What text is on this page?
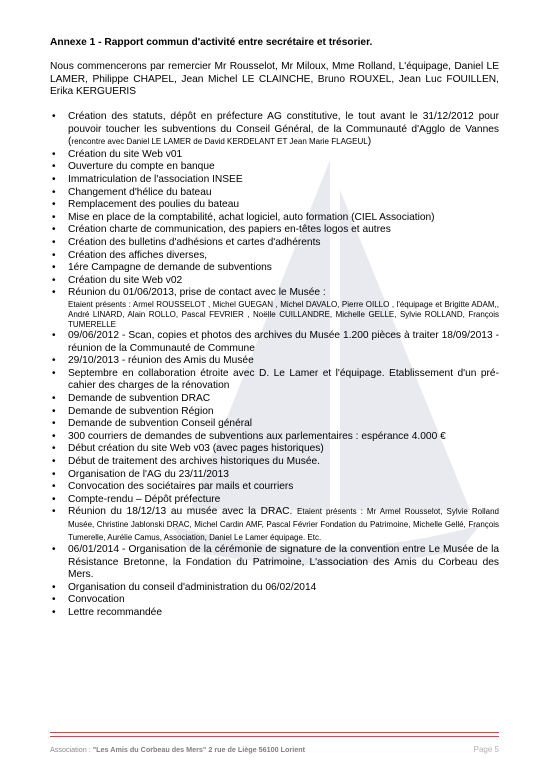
Annexe 1 - Rapport commun d'activité entre secrétaire et trésorier.

Nous commencerons par remercier Mr Rousselot, Mr Miloux, Mme Rolland, L'équipage, Daniel LE LAMER, Philippe CHAPEL, Jean Michel LE CLAINCHE, Bruno ROUXEL, Jean Luc FOUILLEN, Erika KERGUERIS

• Création des statuts, dépôt en préfecture AG constitutive, le tout avant le 31/12/2012 pour pouvoir toucher les subventions du Conseil Général, de la Communauté d'Agglo de Vannes (rencontre avec Daniel LE LAMER de David KERDELANT ET Jean Marie FLAGEUL)
• Création du site Web v01
• Ouverture du compte en banque
• Immatriculation de l'association INSEE
• Changement d'hélice du bateau
• Remplacement des poulies du bateau
• Mise en place de la comptabilité, achat logiciel, auto formation (CIEL Association)
• Création charte de communication, des papiers en-têtes logos et autres
• Création des bulletins d'adhésions et cartes d'adhérents
• Création des affiches diverses,
• 1ére Campagne de demande de subventions
• Création du site Web v02
• Réunion du 01/06/2013, prise de contact avec le Musée :
Etaient présents : Armel ROUSSELOT , Michel GUEGAN , Michel DAVALO, Pierre OILLO , l'équipage et Brigitte ADAM,, André LINARD, Alain ROLLO, Pascal FEVRIER , Noëlle CUILLANDRE, Michelle GELLE, Sylvie ROLLAND, François TUMERELLE
• 09/06/2012 - Scan, copies et photos des archives du Musée 1.200 pièces à traiter 18/09/2013 - réunion de la Communauté de Commune
• 29/10/2013 - réunion des Amis du Musée
• Septembre en collaboration étroite avec D. Le Lamer et l'équipage. Etablissement d'un pré-cahier des charges de la rénovation
• Demande de subvention DRAC
• Demande de subvention Région
• Demande de subvention Conseil général
• 300 courriers de demandes de subventions aux parlementaires : espérance 4.000 €
• Début création du site Web v03 (avec pages historiques)
• Début de traitement des archives historiques du Musée.
• Organisation de l'AG du 23/11/2013
• Convocation des sociétaires par mails et courriers
• Compte-rendu – Dépôt préfecture
• Réunion du 18/12/13 au musée avec la DRAC. Etaient présents : Mr Armel Rousselot, Sylvie Rolland Musée, Christine Jablonski DRAC, Michel Cardin AMF, Pascal Février Fondation du Patrimoine, Michelle Gellé, François Tumerelle, Aurélie Camus, Association, Daniel Le Lamer équipage. Etc.
• 06/01/2014 - Organisation de la cérémonie de signature de la convention entre Le Musée de la Résistance Bretonne, la Fondation du Patrimoine, L'association des Amis du Corbeau des Mers.
• Organisation du conseil d'administration du 06/02/2014
• Convocation
• Lettre recommandée
Association : "Les Amis du Corbeau des Mers" 2 rue de Liège 56100 Lorient	Page 5
